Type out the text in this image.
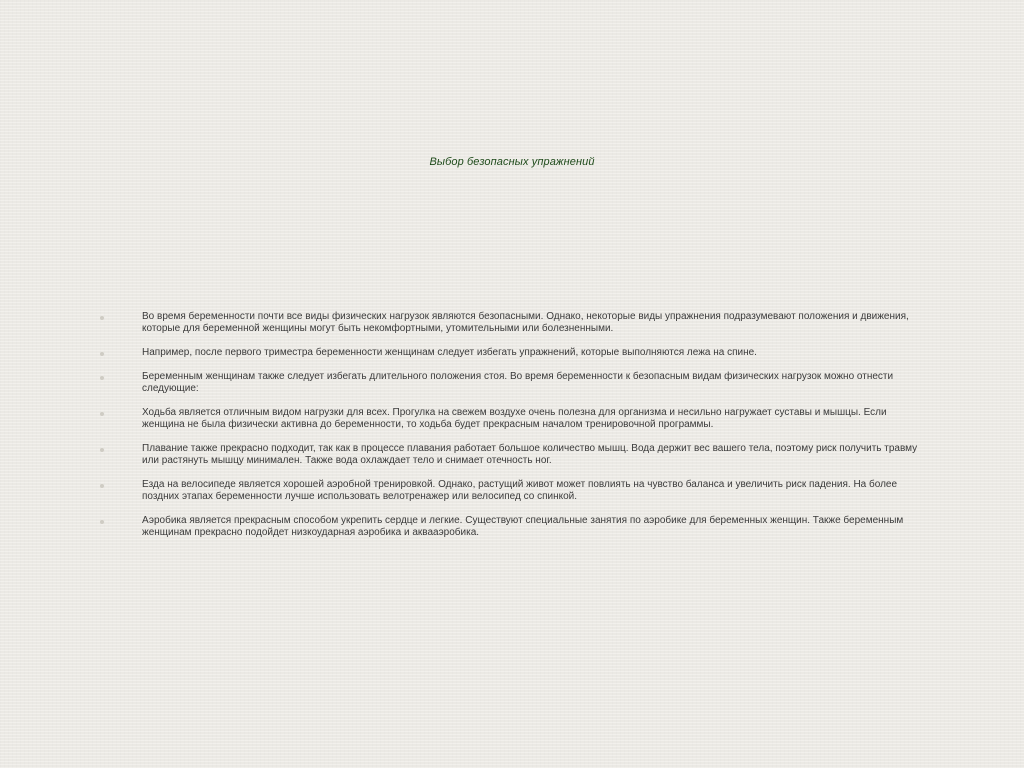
Выбор безопасных упражнений
Во время беременности почти все виды физических нагрузок являются безопасными. Однако, некоторые виды упражнения подразумевают положения и движения, которые для беременной женщины могут быть некомфортными, утомительными или болезненными.
Например, после первого триместра беременности женщинам следует избегать упражнений, которые выполняются лежа на спине.
Беременным женщинам также следует избегать длительного положения стоя. Во время беременности к безопасным видам физических нагрузок можно отнести следующие:
Ходьба является отличным видом нагрузки для всех. Прогулка на свежем воздухе очень полезна для организма и несильно нагружает суставы и мышцы. Если женщина не была физически активна до беременности, то ходьба будет прекрасным началом тренировочной программы.
Плавание также прекрасно подходит, так как в процессе плавания работает большое количество мышц. Вода держит вес вашего тела, поэтому риск получить травму или растянуть мышцу минимален. Также вода охлаждает тело и снимает отечность ног.
Езда на велосипеде является хорошей аэробной тренировкой. Однако, растущий живот может повлиять на чувство баланса и увеличить риск падения. На более поздних этапах беременности лучше использовать велотренажер или велосипед со спинкой.
Аэробика является прекрасным способом укрепить сердце и легкие. Существуют специальные занятия по аэробике для беременных женщин. Также беременным женщинам прекрасно подойдет низкоударная аэробика и аквааэробика.
